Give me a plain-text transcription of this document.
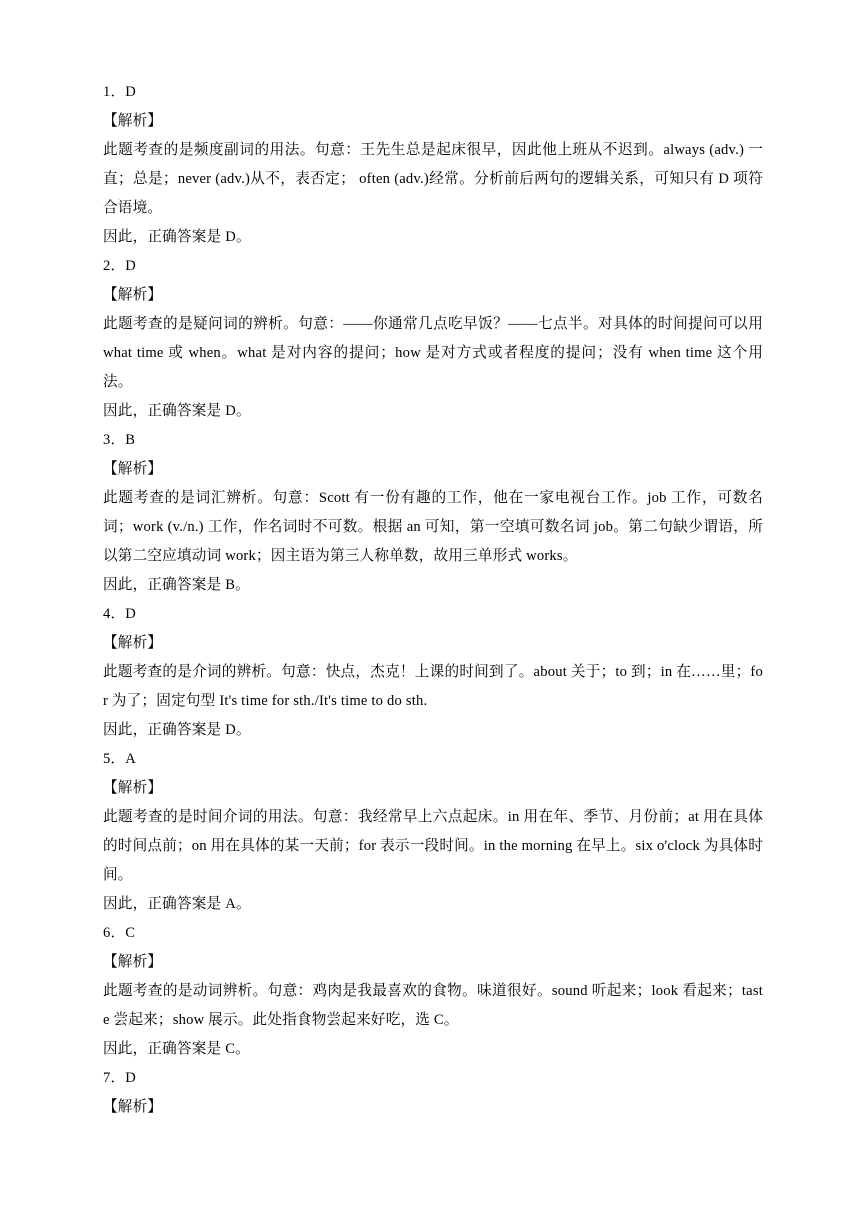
1．D
【解析】
此题考查的是频度副词的用法。句意：王先生总是起床很早，因此他上班从不迟到。always (adv.) 一直；总是；never (adv.)从不，表否定； often (adv.)经常。分析前后两句的逻辑关系，可知只有 D 项符合语境。
因此，正确答案是 D。
2．D
【解析】
此题考查的是疑问词的辨析。句意：——你通常几点吃早饭？——七点半。对具体的时间提问可以用 what time 或 when。what 是对内容的提问；how 是对方式或者程度的提问；没有 when time 这个用法。
因此，正确答案是 D。
3．B
【解析】
此题考查的是词汇辨析。句意：Scott 有一份有趣的工作，他在一家电视台工作。job 工作，可数名词；work (v./n.) 工作，作名词时不可数。根据 an 可知，第一空填可数名词 job。第二句缺少谓语，所以第二空应填动词 work；因主语为第三人称单数，故用三单形式 works。
因此，正确答案是 B。
4．D
【解析】
此题考查的是介词的辨析。句意：快点，杰克！上课的时间到了。about 关于；to 到；in 在……里；for 为了；固定句型 It's time for sth./It's time to do sth.
因此，正确答案是 D。
5．A
【解析】
此题考查的是时间介词的用法。句意：我经常早上六点起床。in 用在年、季节、月份前；at 用在具体的时间点前；on 用在具体的某一天前；for 表示一段时间。in the morning 在早上。six o'clock 为具体时间。
因此，正确答案是 A。
6．C
【解析】
此题考查的是动词辨析。句意：鸡肉是我最喜欢的食物。味道很好。sound 听起来；look 看起来；taste 尝起来；show 展示。此处指食物尝起来好吃，选 C。
因此，正确答案是 C。
7．D
【解析】
